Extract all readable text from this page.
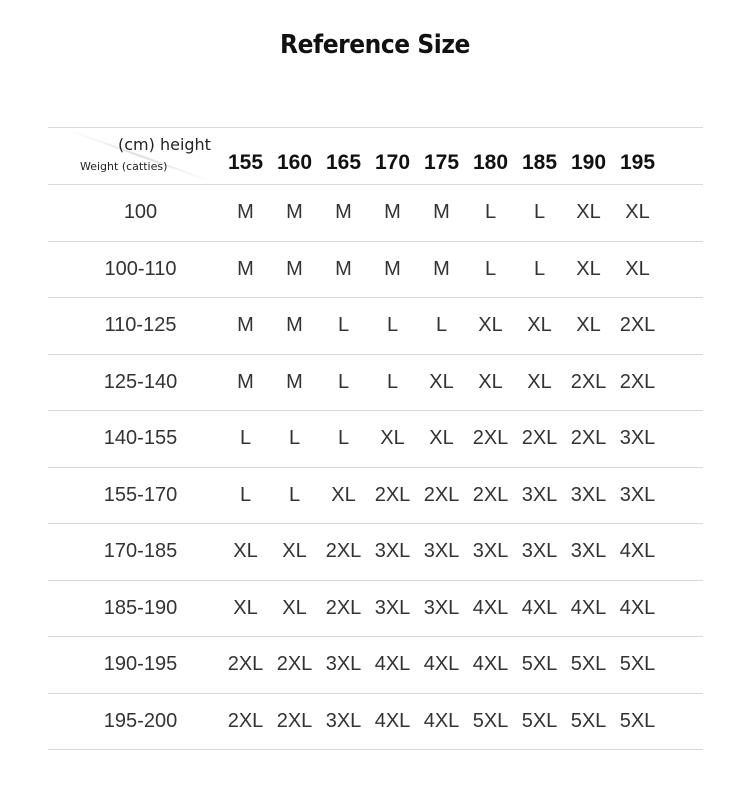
Reference Size
(cm) height
Weight (catties)	155 160 165 170 175 180 185 190 195
100	M	M	M	M	M	L	L	XL	XL
100-110	M	M	M	M	M	L	L	XL	XL
110-125	M	M	L	L	L	XL	XL	XL 2XL
125-140	M	M	L	L	XL	XL	XL 2XL 2XL
140-155	L	L	L	XL	XL 2XL 2XL 2XL 3XL
155-170	L	L	XL 2XL 2XL 2XL 3XL 3XL 3XL
170-185	XL	XL 2XL 3XL 3XL 3XL 3XL 3XL 4XL
185-190	XL	XL 2XL 3XL 3XL 4XL 4XL 4XL 4XL
190-195	2XL 2XL 3XL 4XL 4XL 4XL 5XL 5XL 5XL
195-200	2XL 2XL 3XL 4XL 4XL 5XL 5XL 5XL 5XL
